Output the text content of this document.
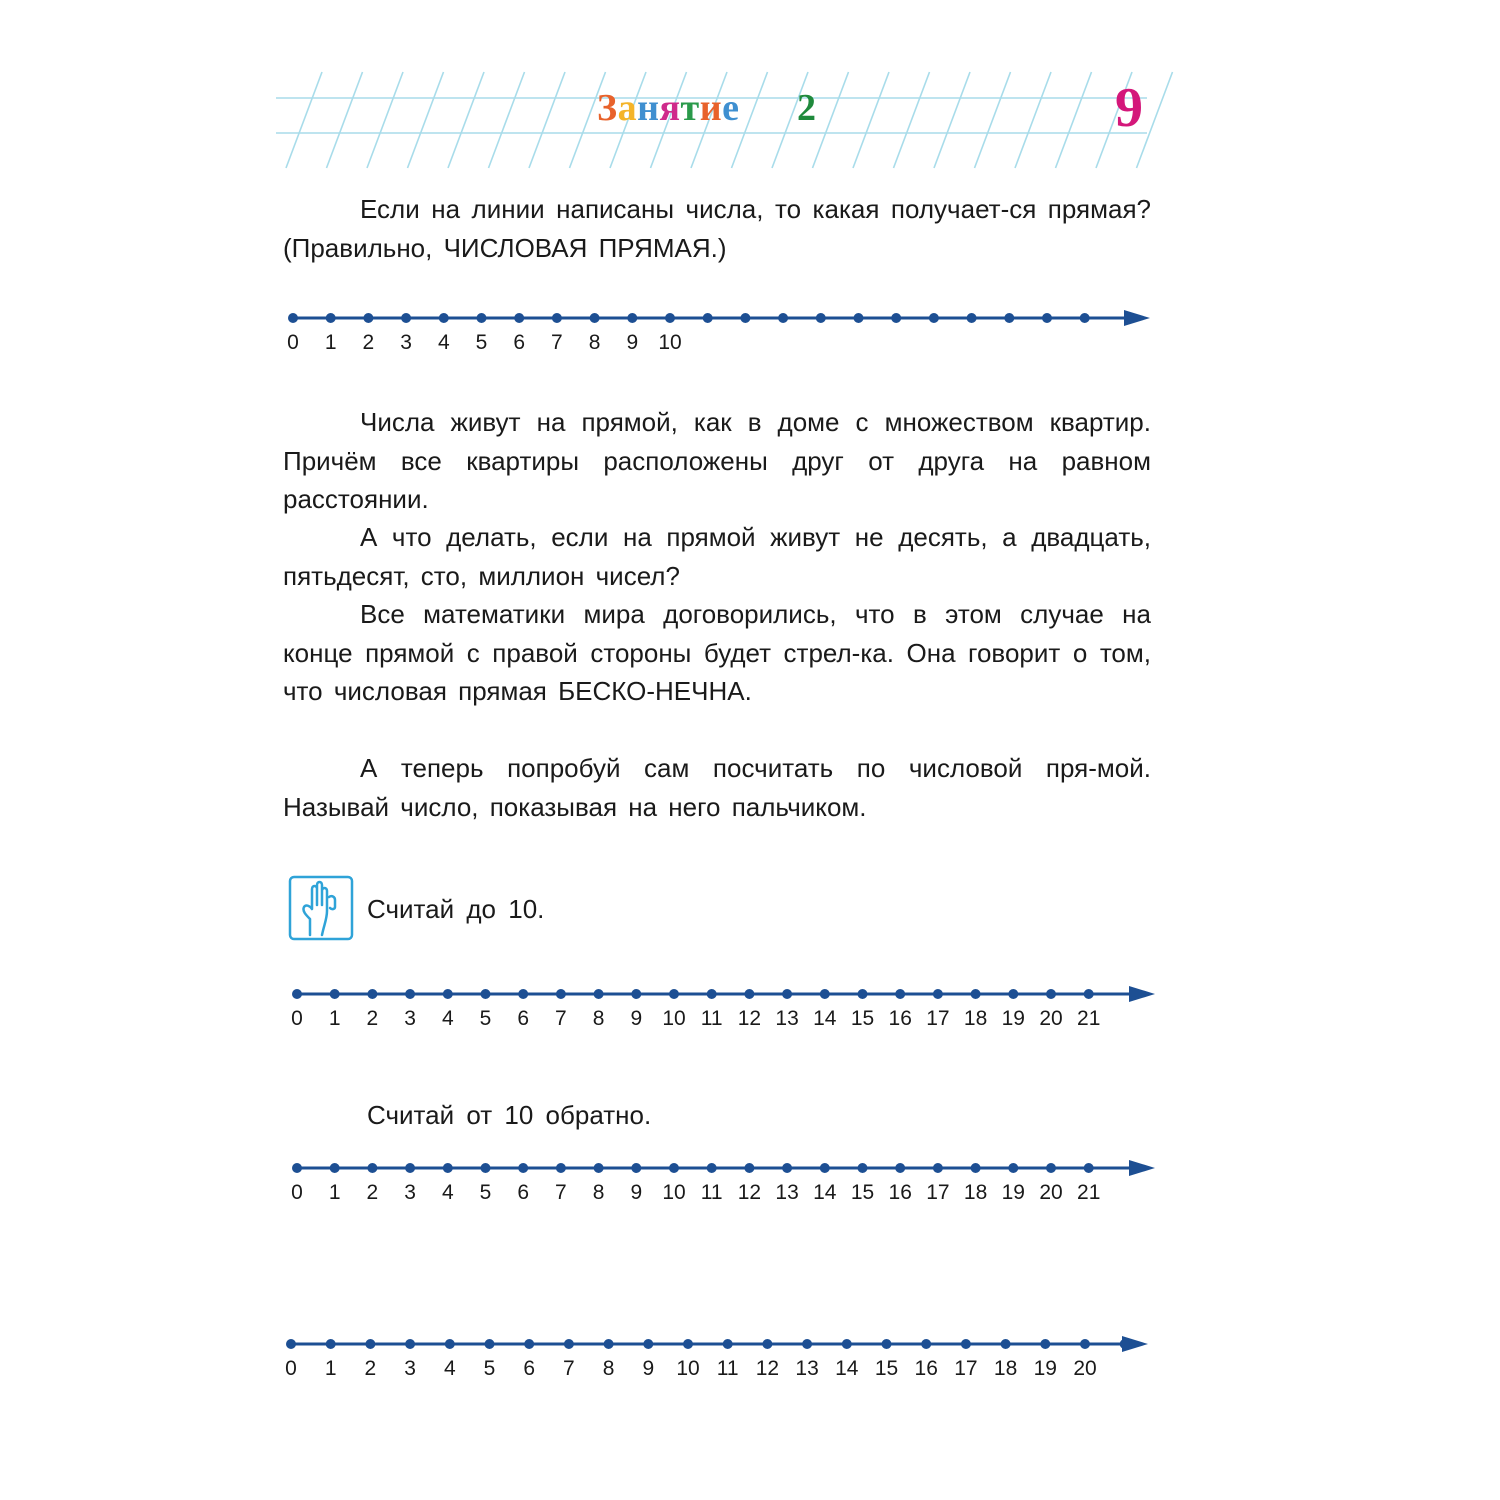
Занятие 2	9

Если на линии написаны числа, то какая получает-ся прямая? (Правильно, ЧИСЛОВАЯ ПРЯМАЯ.)

Числа живут на прямой, как в доме с множеством квартир. Причём все квартиры расположены друг от друга на равном расстоянии.

А что делать, если на прямой живут не десять, а двадцать, пятьдесят, сто, миллион чисел?

Все математики мира договорились, что в этом случае на конце прямой с правой стороны будет стрел-ка. Она говорит о том, что числовая прямая БЕСКО-НЕЧНА.

А теперь попробуй сам посчитать по числовой пря-мой. Называй число, показывая на него пальчиком.

Считай до 10.
Считай от 10 обратно.
0 1 2 3 4 5 6 7 8 9 10
0 1 2 3 4 5 6 7 8 9 10 11 12 13 14 15 16 17 18 19 20 21
0 1 2 3 4 5 6 7 8 9 10 11 12 13 14 15 16 17 18 19 20 21
0 1 2 3 4 5 6 7 8 9 10 11 12 13 14 15 16 17 18 19 20
